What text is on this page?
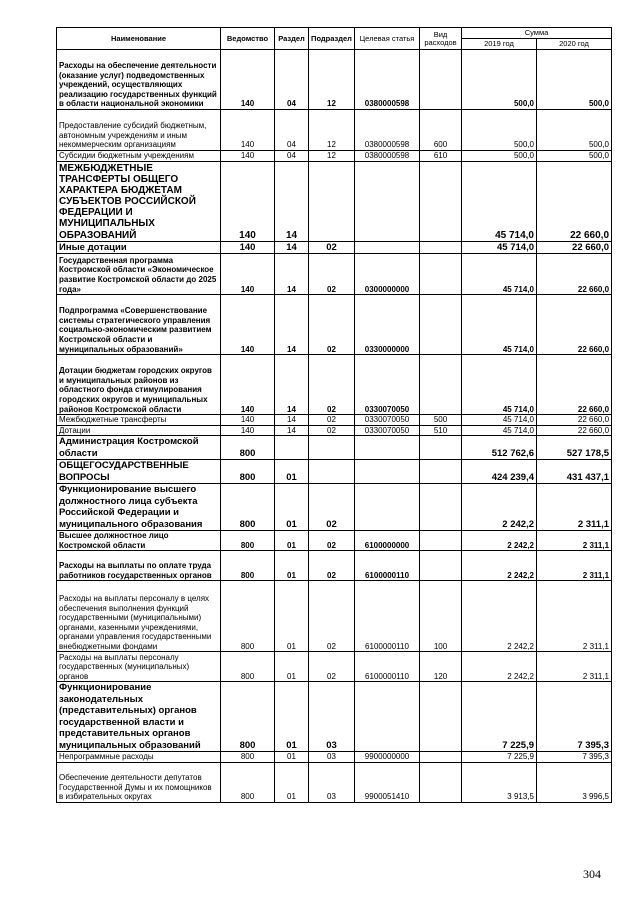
Наименование	Ведомство	Раздел	Подраздел	Целевая статья	Вид расходов	Сумма	
						2019 год	2020 год
Расходы на обеспечение деятельности (оказание услуг) подведомственных учреждений, осуществляющих реализацию государственных функций в области национальной экономики	140	04	12	0380000598		500,0	500,0
Предоставление субсидий бюджетным, автономным учреждениям и иным некоммерческим организациям	140	04	12	0380000598	600	500,0	500,0
Субсидии бюджетным учреждениям	140	04	12	0380000598	610	500,0	500,0
МЕЖБЮДЖЕТНЫЕ ТРАНСФЕРТЫ ОБЩЕГО ХАРАКТЕРА БЮДЖЕТАМ СУБЪЕКТОВ РОССИЙСКОЙ ФЕДЕРАЦИИ И МУНИЦИПАЛЬНЫХ ОБРАЗОВАНИЙ	140	14				45 714,0	22 660,0
Иные дотации	140	14	02			45 714,0	22 660,0
Государственная программа Костромской области «Экономическое развитие Костромской области до 2025 года»	140	14	02	0300000000		45 714,0	22 660,0
Подпрограмма «Совершенствование системы стратегического управления социально-экономическим развитием Костромской области и муниципальных образований»	140	14	02	0330000000		45 714,0	22 660,0
Дотации бюджетам городских округов и муниципальных районов из областного фонда стимулирования городских округов и муниципальных районов Костромской области	140	14	02	0330070050		45 714,0	22 660,0
Межбюджетные трансферты	140	14	02	0330070050	500	45 714,0	22 660,0
Дотации	140	14	02	0330070050	510	45 714,0	22 660,0
Администрация Костромской области	800					512 762,6	527 178,5
ОБЩЕГОСУДАРСТВЕННЫЕ ВОПРОСЫ	800	01				424 239,4	431 437,1
Функционирование высшего должностного лица субъекта Российской Федерации и муниципального образования	800	01	02			2 242,2	2 311,1
Высшее должностное лицо Костромской области	800	01	02	6100000000		2 242,2	2 311,1
Расходы на выплаты по оплате труда работников государственных органов	800	01	02	6100000110		2 242,2	2 311,1
Расходы на выплаты персоналу в целях обеспечения выполнения функций государственными (муниципальными) органами, казенными учреждениями, органами управления государственными внебюджетными фондами	800	01	02	6100000110	100	2 242,2	2 311,1
Расходы на выплаты персоналу государственных (муниципальных) органов	800	01	02	6100000110	120	2 242,2	2 311,1
Функционирование законодательных (представительных) органов государственной власти и представительных органов муниципальных образований	800	01	03			7 225,9	7 395,3
Непрограммные расходы	800	01	03	9900000000		7 225,9	7 395,3
Обеспечение деятельности депутатов Государственной Думы и их помощников в избирательных округах	800	01	03	9900051410		3 913,5	3 996,5
304
